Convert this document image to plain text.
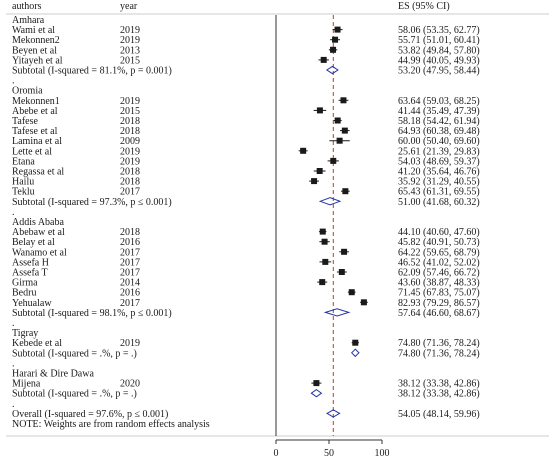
authors	year	ES (95% CI)
Amhara
Wami et al	2019	58.06 (53.35, 62.77)
Mekonnen2	2019	55.71 (51.01, 60.41)
Beyen et al	2013	53.82 (49.84, 57.80)
Yitayeh et al	2015	44.99 (40.05, 49.93)
Subtotal (I-squared = 81.1%, p = 0.001)	53.20 (47.95, 58.44)
.
Oromia
Mekonnen1	2019	63.64 (59.03, 68.25)
Abebe et al	2015	41.44 (35.49, 47.39)
Tafese	2018	58.18 (54.42, 61.94)
Tafese et al	2018	64.93 (60.38, 69.48)
Lamina et al	2009	60.00 (50.40, 69.60)
Lette et al	2019	25.61 (21.39, 29.83)
Etana	2019	54.03 (48.69, 59.37)
Regassa et al	2018	41.20 (35.64, 46.76)
Hailu	2018	35.92 (31.29, 40.55)
Teklu	2017	65.43 (61.31, 69.55)
Subtotal (I-squared = 97.3%, p ≤ 0.001)	51.00 (41.68, 60.32)
.
Addis Ababa
Abebaw et al	2018	44.10 (40.60, 47.60)
Belay et al	2016	45.82 (40.91, 50.73)
Wanamo et al	2017	64.22 (59.65, 68.79)
Assefa H	2017	46.52 (41.02, 52.02)
Assefa T	2017	62.09 (57.46, 66.72)
Girma	2014	43.60 (38.87, 48.33)
Bedru	2016	71.45 (67.83, 75.07)
Yehualaw	2017	82.93 (79.29, 86.57)
Subtotal (I-squared = 98.1%, p ≤ 0.001)	57.64 (46.60, 68.67)
.
Tigray
Kebede et al	2019	74.80 (71.36, 78.24)
Subtotal (I-squared = .%, p = .)	74.80 (71.36, 78.24)
.
Harari & Dire Dawa
Mijena	2020	38.12 (33.38, 42.86)
Subtotal (I-squared = .%, p = .)	38.12 (33.38, 42.86)
.
Overall (I-squared = 97.6%, p ≤ 0.001)	54.05 (48.14, 59.96)
NOTE: Weights are from random effects analysis
0	50	100
